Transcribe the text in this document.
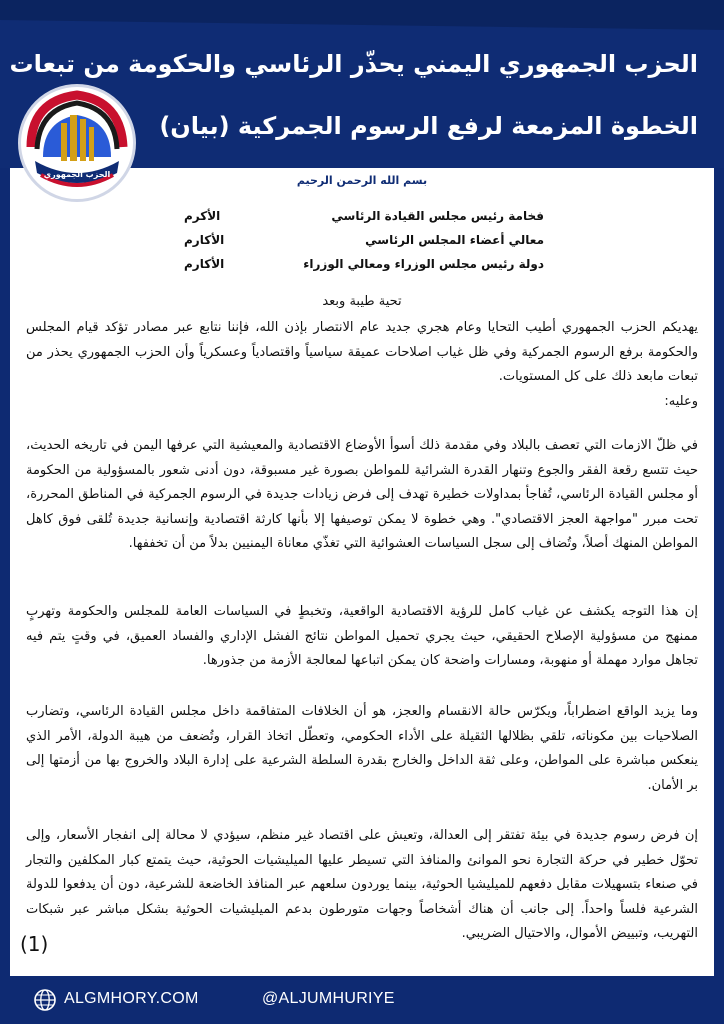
الحزب الجمهوري اليمني يحذّر الرئاسي والحكومة من تبعات
الخطوة المزمعة لرفع الرسوم الجمركية (بيان)
الحزب الجمهوري	بسم الله الرحمن الرحيم
فخامة رئيس مجلس القيادة الرئاسي
الأكرم
معالي أعضاء المجلس الرئاسي
الأكارم
دولة رئيس مجلس الوزراء ومعالي الوزراء
الأكارم
تحية طيبة وبعد
يهديكم الحزب الجمهوري أطيب التحايا وعام هجري جديد عام الانتصار بإذن الله، فإننا نتابع عبر مصادر تؤكد قيام المجلس والحكومة برفع الرسوم الجمركية وفي ظل غياب اصلاحات عميقة سياسياً واقتصادياً وعسكرياً وأن الحزب الجمهوري يحذر من تبعات مابعد ذلك على كل المستويات.
وعليه:
في ظلّ الازمات التي تعصف بالبلاد وفي مقدمة ذلك أسوأ الأوضاع الاقتصادية والمعيشية التي عرفها اليمن في تاريخه الحديث، حيث تتسع رقعة الفقر والجوع وتنهار القدرة الشرائية للمواطن بصورة غير مسبوقة، دون أدنى شعور بالمسؤولية من الحكومة أو مجلس القيادة الرئاسي، تُفاجأ بمداولات خطيرة تهدف إلى فرض زيادات جديدة في الرسوم الجمركية في المناطق المحررة، تحت مبرر "مواجهة العجز الاقتصادي". وهي خطوة لا يمكن توصيفها إلا بأنها كارثة اقتصادية وإنسانية جديدة تُلقى فوق كاهل المواطن المنهك أصلاً، وتُضاف إلى سجل السياسات العشوائية التي تغذّي معاناة اليمنيين بدلاً من أن تخففها.
إن هذا التوجه يكشف عن غياب كامل للرؤية الاقتصادية الواقعية، وتخبطٍ في السياسات العامة للمجلس والحكومة وتهربٍ ممنهج من مسؤولية الإصلاح الحقيقي، حيث يجري تحميل المواطن نتائج الفشل الإداري والفساد العميق، في وقتٍ يتم فيه تجاهل موارد مهملة أو منهوبة، ومسارات واضحة كان يمكن اتباعها لمعالجة الأزمة من جذورها.
وما يزيد الواقع اضطراباً، ويكرّس حالة الانقسام والعجز، هو أن الخلافات المتفاقمة داخل مجلس القيادة الرئاسي، وتضارب الصلاحيات بين مكوناته، تلقي بظلالها الثقيلة على الأداء الحكومي، وتعطّل اتخاذ القرار، وتُضعف من هيبة الدولة، الأمر الذي ينعكس مباشرة على المواطن، وعلى ثقة الداخل والخارج بقدرة السلطة الشرعية على إدارة البلاد والخروج بها من أزمتها إلى بر الأمان.
إن فرض رسوم جديدة في بيئة تفتقر إلى العدالة، وتعيش على اقتصاد غير منظم، سيؤدي لا محالة إلى انفجار الأسعار، وإلى تحوّل خطير في حركة التجارة نحو الموانئ والمنافذ التي تسيطر عليها الميليشيات الحوثية، حيث يتمتع كبار المكلفين والتجار في صنعاء بتسهيلات مقابل دفعهم للميليشيا الحوثية، بينما يوردون سلعهم عبر المنافذ الخاضعة للشرعية، دون أن يدفعوا للدولة الشرعية فلساً واحداً. إلى جانب أن هناك أشخاصاً وجهات متورطون بدعم الميليشيات الحوثية بشكل مباشر عبر شبكات التهريب، وتبييض الأموال، والاحتيال الضريبي.
(1)
ALGMHORY.COM	@ALJUMHURIYE
